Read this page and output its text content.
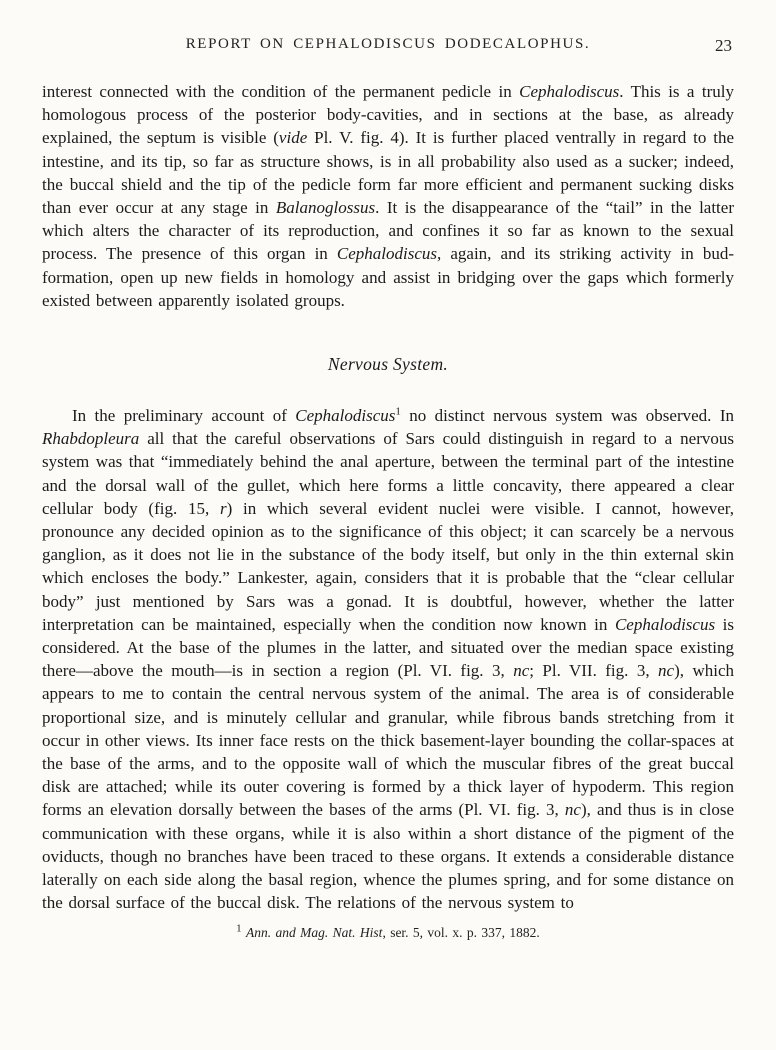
REPORT ON CEPHALODISCUS DODECALOPHUS.	23

interest connected with the condition of the permanent pedicle in Cephalodiscus. This is a truly homologous process of the posterior body-cavities, and in sections at the base, as already explained, the septum is visible (vide Pl. V. fig. 4). It is further placed ventrally in regard to the intestine, and its tip, so far as structure shows, is in all probability also used as a sucker; indeed, the buccal shield and the tip of the pedicle form far more efficient and permanent sucking disks than ever occur at any stage in Balanoglossus. It is the disappearance of the “tail” in the latter which alters the character of its reproduction, and confines it so far as known to the sexual process. The presence of this organ in Cephalodiscus, again, and its striking activity in bud-formation, open up new fields in homology and assist in bridging over the gaps which formerly existed between apparently isolated groups.

Nervous System.

In the preliminary account of Cephalodiscus$^1$ no distinct nervous system was observed. In Rhabdopleura all that the careful observations of Sars could distinguish in regard to a nervous system was that “immediately behind the anal aperture, between the terminal part of the intestine and the dorsal wall of the gullet, which here forms a little concavity, there appeared a clear cellular body (fig. 15, r) in which several evident nuclei were visible. I cannot, however, pronounce any decided opinion as to the significance of this object; it can scarcely be a nervous ganglion, as it does not lie in the substance of the body itself, but only in the thin external skin which encloses the body.” Lankester, again, considers that it is probable that the “clear cellular body” just mentioned by Sars was a gonad. It is doubtful, however, whether the latter interpretation can be maintained, especially when the condition now known in Cephalodiscus is considered. At the base of the plumes in the latter, and situated over the median space existing there—above the mouth—is in section a region (Pl. VI. fig. 3, nc; Pl. VII. fig. 3, nc), which appears to me to contain the central nervous system of the animal. The area is of considerable proportional size, and is minutely cellular and granular, while fibrous bands stretching from it occur in other views. Its inner face rests on the thick basement-layer bounding the collar-spaces at the base of the arms, and to the opposite wall of which the muscular fibres of the great buccal disk are attached; while its outer covering is formed by a thick layer of hypoderm. This region forms an elevation dorsally between the bases of the arms (Pl. VI. fig. 3, nc), and thus is in close communication with these organs, while it is also within a short distance of the pigment of the oviducts, though no branches have been traced to these organs. It extends a considerable distance laterally on each side along the basal region, whence the plumes spring, and for some distance on the dorsal surface of the buccal disk. The relations of the nervous system to

$^1$ Ann. and Mag. Nat. Hist, ser. 5, vol. x. p. 337, 1882.
